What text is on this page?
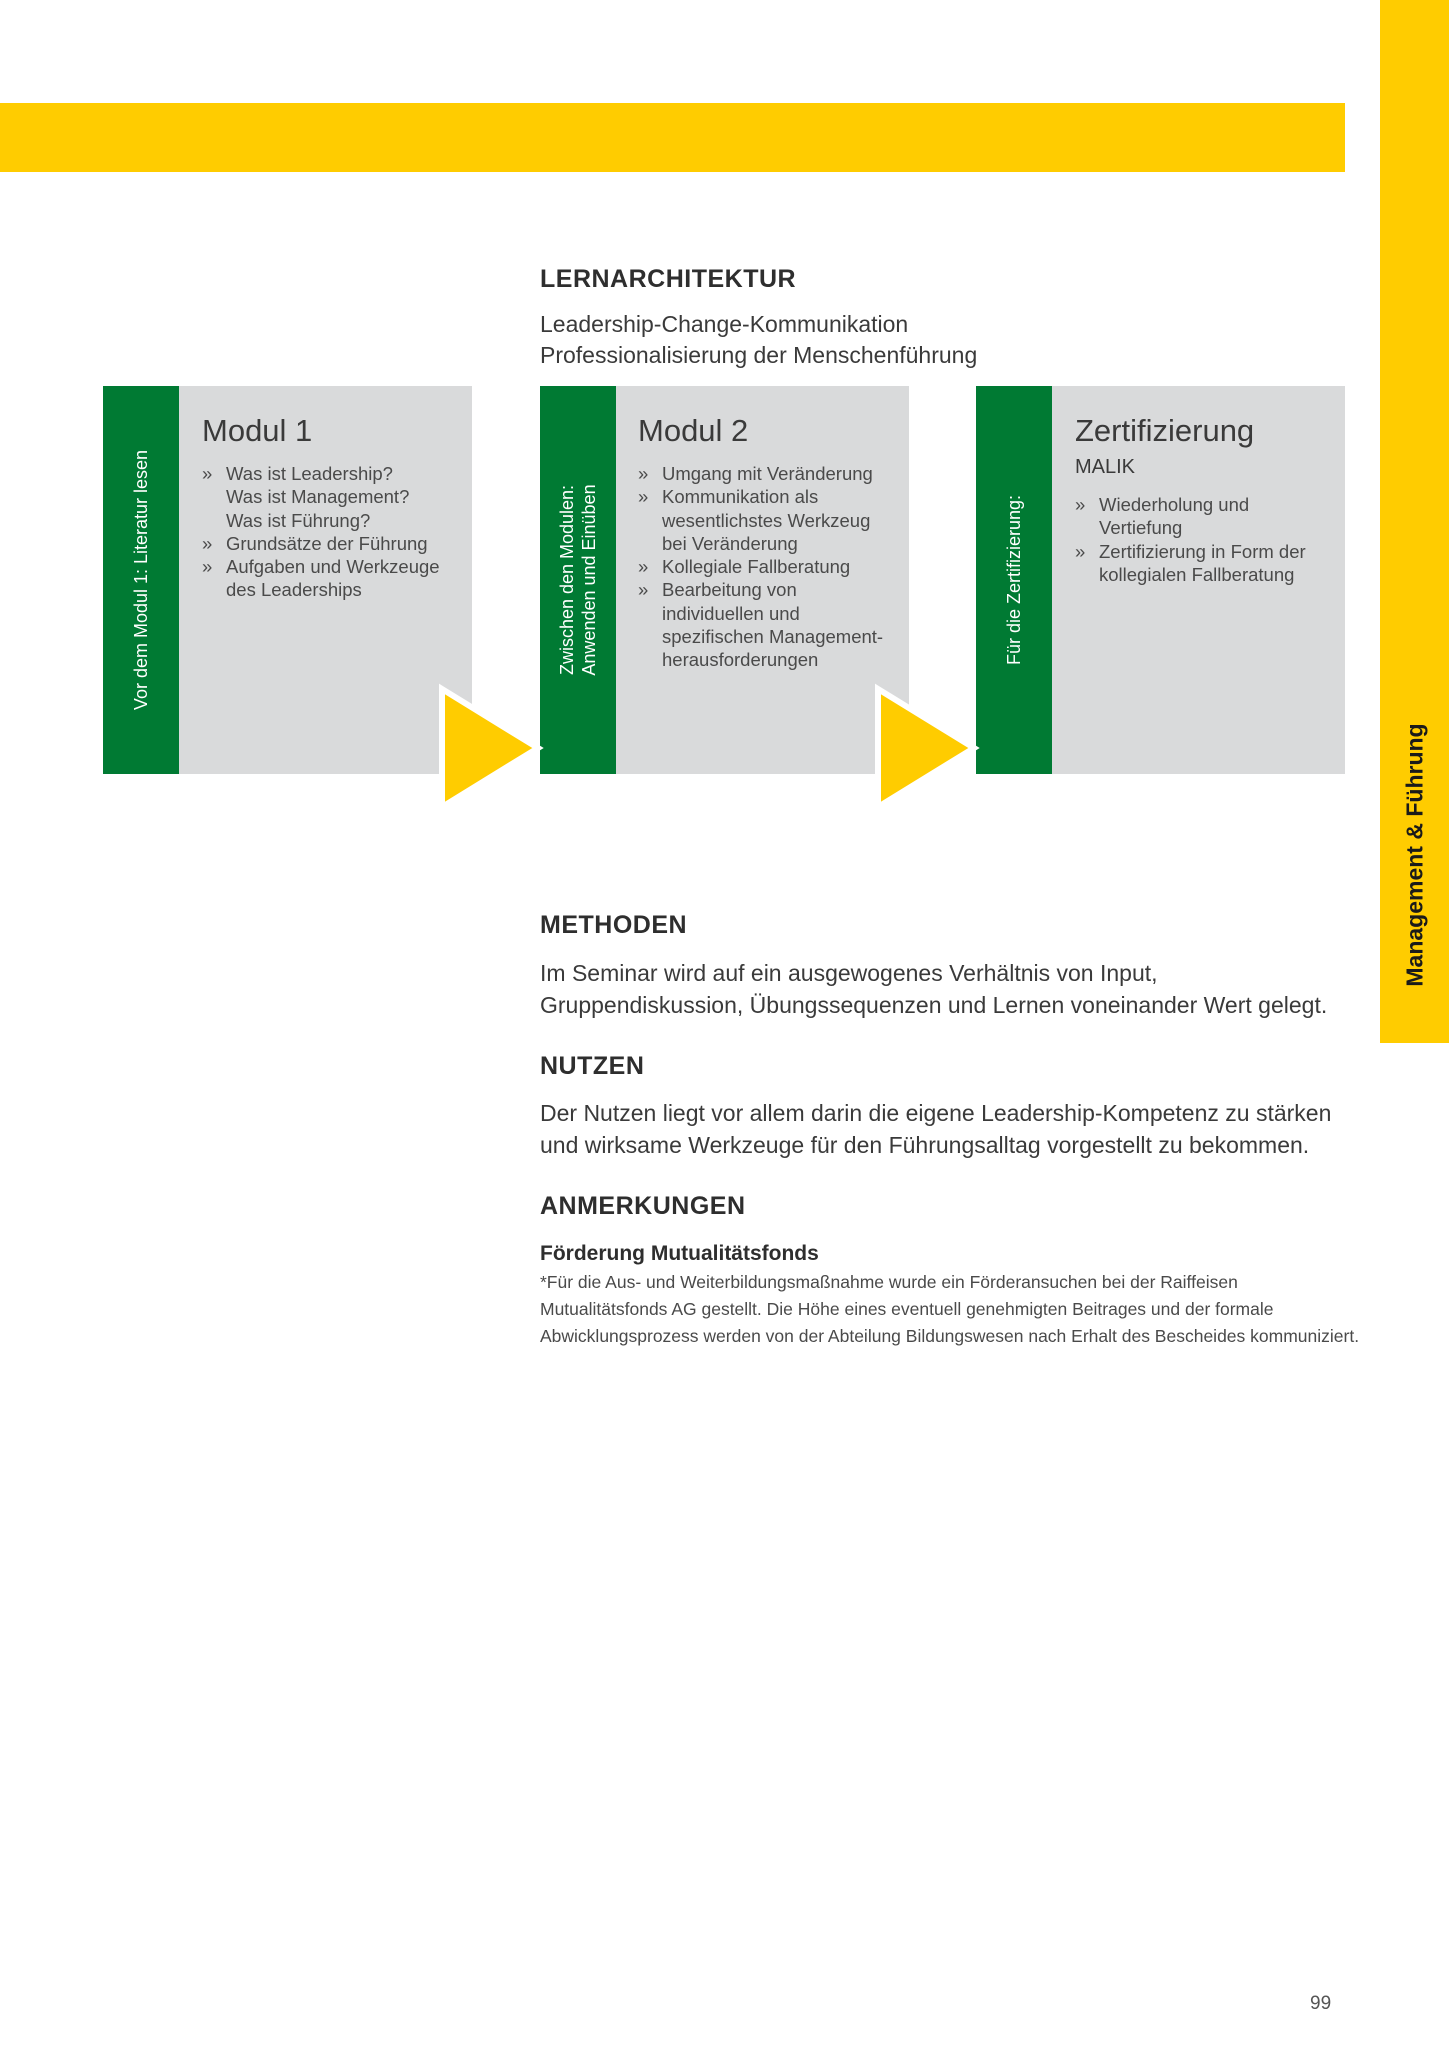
Management & Führung
LERNARCHITEKTUR
Leadership-Change-Kommunikation
Professionalisierung der Menschenführung
Vor dem Modul 1: Literatur lesen
Modul 1
» Was ist Leadership? Was ist Management? Was ist Führung?
» Grundsätze der Führung
» Aufgaben und Werkzeuge des Leaderships	Zwischen den Modulen: Anwenden und Einüben
Modul 2
» Umgang mit Veränderung
» Kommunikation als wesentlichstes Werkzeug bei Veränderung
» Kollegiale Fallberatung
» Bearbeitung von individuellen und spezifischen Management-herausforderungen	Für die Zertifizierung:
Zertifizierung
MALIK
» Wiederholung und Vertiefung
» Zertifizierung in Form der kollegialen Fallberatung
METHODEN
Im Seminar wird auf ein ausgewogenes Verhältnis von Input, Gruppendiskussion, Übungssequenzen und Lernen voneinander Wert gelegt.
NUTZEN
Der Nutzen liegt vor allem darin die eigene Leadership-Kompetenz zu stärken und wirksame Werkzeuge für den Führungsalltag vorgestellt zu bekommen.
ANMERKUNGEN
Förderung Mutualitätsfonds
*Für die Aus- und Weiterbildungsmaßnahme wurde ein Förderansuchen bei der Raiffeisen Mutualitätsfonds AG gestellt. Die Höhe eines eventuell genehmigten Beitrages und der formale Abwicklungsprozess werden von der Abteilung Bildungswesen nach Erhalt des Bescheides kommuniziert.
99
